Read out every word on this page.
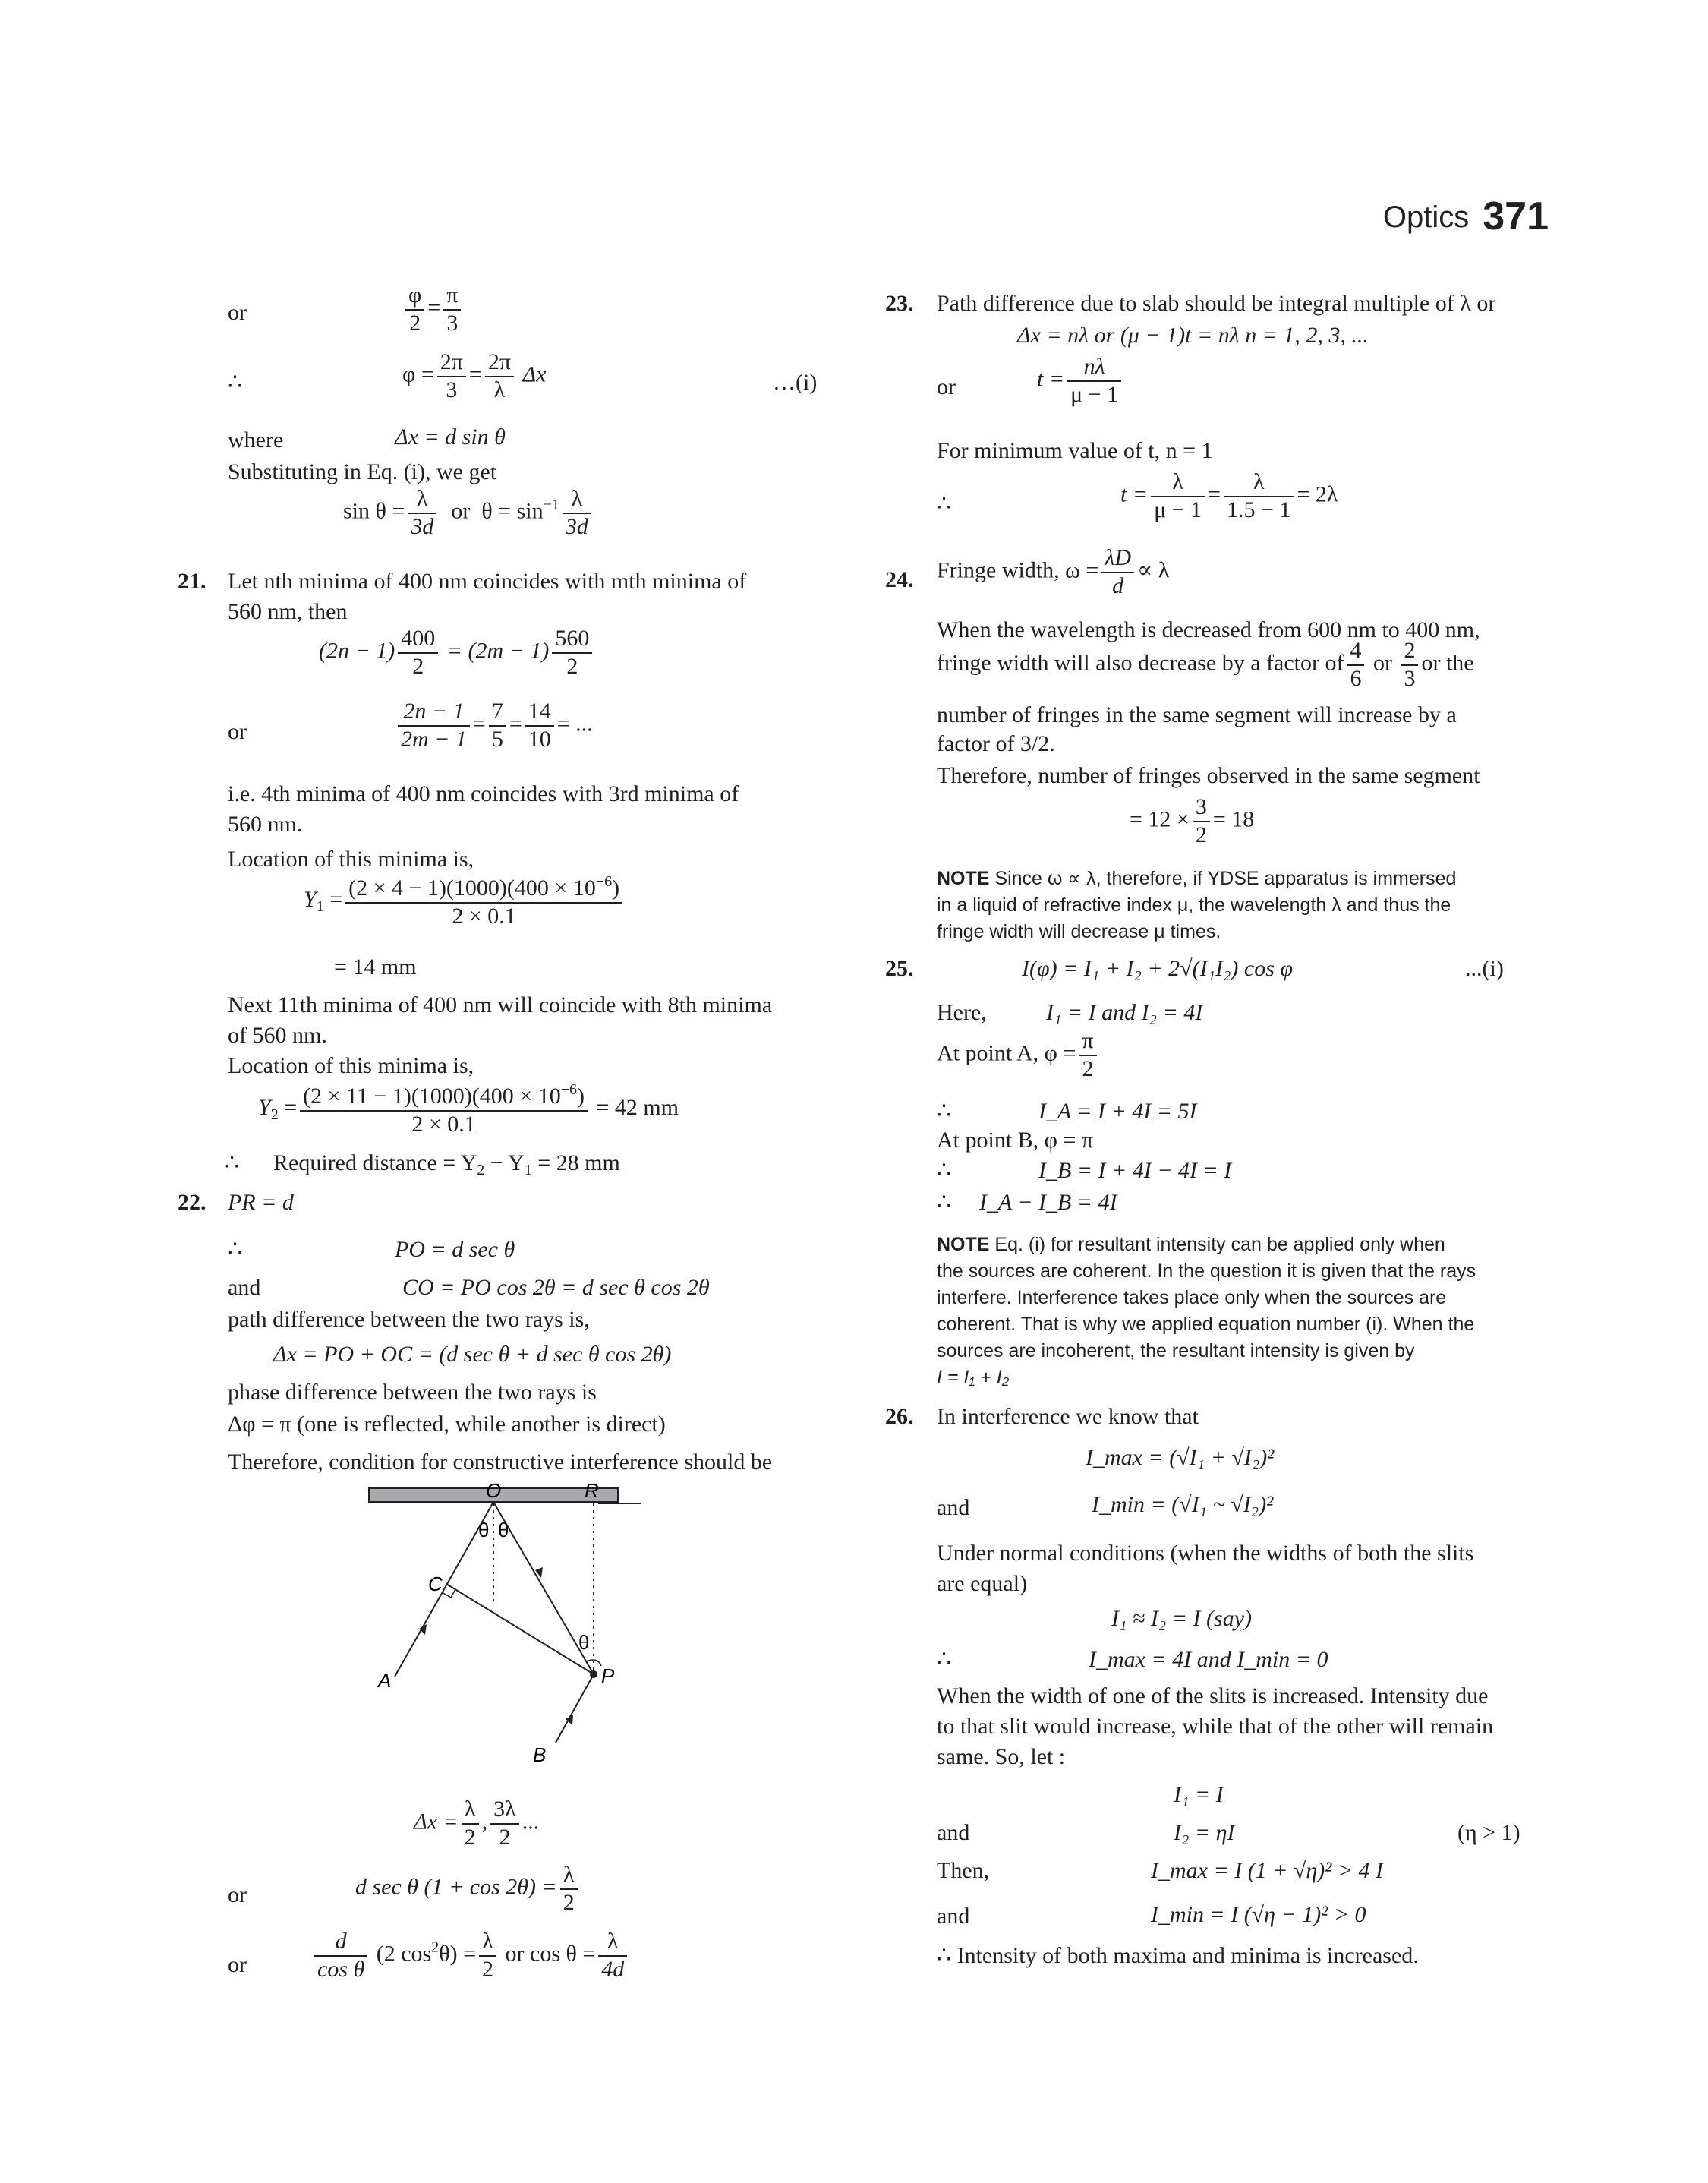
Optics 371
or	$\frac{\varphi}{2} = \frac{\pi}{3}$
∴	$\varphi = \frac{2\pi}{3} = \frac{2\pi}{\lambda}$ Δx	…(i)
where	Δx = d sin θ
Substituting in Eq. (i), we get
$\sin \theta = \frac{\lambda}{3d}$ or $\theta = \sin^{-1} \frac{\lambda}{3d}$
21. Let nth minima of 400 nm coincides with mth minima of
560 nm, then
$(2n - 1) \frac{400}{2} = (2m - 1) \frac{560}{2}$
or	$\frac{2n - 1}{2m - 1} = \frac{7}{5} = \frac{14}{10}$ = ...
i.e. 4th minima of 400 nm coincides with 3rd minima of
560 nm.
Location of this minima is,
$Y_1 = \frac{(2 \times 4 - 1)(1000)(400 \times 10^{-6})}{2 \times 0.1}$
= 14 mm
Next 11th minima of 400 nm will coincide with 8th minima
of 560 nm.
Location of this minima is,
$Y_2 = \frac{(2 \times 11 - 1)(1000)(400 \times 10^{-6})}{2 \times 0.1} = 42$ mm
∴ Required distance = $Y_2 - Y_1 = 28$ mm
22. PR = d
∴	PO = d sec θ
and	CO = PO cos 2θ = d sec θ cos 2θ
path difference between the two rays is,
Δx = PO + OC = (d sec θ + d sec θ cos 2θ)
phase difference between the two rays is
Δφ = π (one is reflected, while another is direct)
Therefore, condition for constructive interference should be
O	R
C
A	P
B
θ θ
θ
$\Delta x = \frac{\lambda}{2}$ , $\frac{3\lambda}{2}$ ...
or	d sec θ $(1 + \cos 2\theta) = \frac{\lambda}{2}$
or	$\frac{d}{\text{cos θ}} (2$ $\cos^2\theta) = \frac{\lambda}{2}$ or $\cos \theta = \frac{\lambda}{4d}$
23. Path difference due to slab should be integral multiple of λ or
Δx = nλ or (μ − 1)t = nλ n = 1, 2, 3, ...
or	$t = \frac{n\lambda}{\mu - 1}$
For minimum value of t, n = 1
∴	$t = \frac{\lambda}{\mu - 1} = \frac{\lambda}{1.5 - 1} = 2\lambda$
24. Fringe width, $\omega = \frac{\lambda D}{d} \propto \lambda$
When the wavelength is decreased from 600 nm to 400 nm,
fringe width will also decrease by a factor of $\frac{4}{6}$ or $\frac{2}{3}$ or the
number of fringes in the same segment will increase by a
factor of 3/2.
Therefore, number of fringes observed in the same segment
= $12 \times \frac{3}{2} = 18$
NOTE Since ω ∝ λ, therefore, if YDSE apparatus is immersed
in a liquid of refractive index μ, the wavelength λ and thus the
fringe width will decrease μ times.
25.	I(φ) = I₁ + I₂ + 2√(I₁I₂) cos φ	...(i)
Here,	I₁ = I and I₂ = 4I
At point A, $\varphi = \frac{\pi}{2}$
∴	I_A = I + 4I = 5I
At point B, φ = π
∴	I_B = I + 4I − 4I = I
∴ I_A − I_B = 4I
NOTE Eq. (i) for resultant intensity can be applied only when
the sources are coherent. In the question it is given that the rays
interfere. Interference takes place only when the sources are
coherent. That is why we applied equation number (i). When the
sources are incoherent, the resultant intensity is given by
I = I₁ + I₂
26. In interference we know that
I_max = (√I₁ + √I₂)²
and	I_min = (√I₁ ~ √I₂)²
Under normal conditions (when the widths of both the slits
are equal)
I₁ ≈ I₂ = I (say)
∴	I_max = 4I and I_min = 0
When the width of one of the slits is increased. Intensity due
to that slit would increase, while that of the other will remain
same. So, let :
I₁ = I
and	I₂ = ηI	(η > 1)
Then,	I_max = I (1 + √η)² > 4 I
and	I_min = I (√η − 1)² > 0
∴ Intensity of both maxima and minima is increased.
